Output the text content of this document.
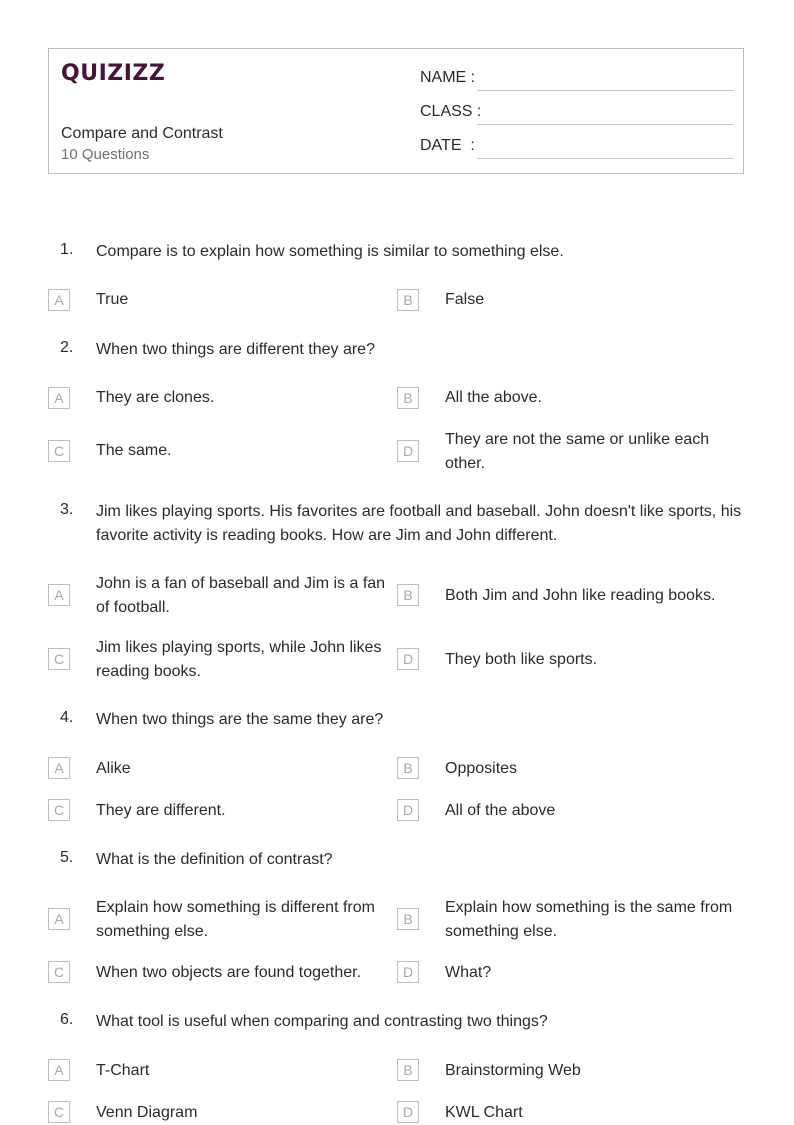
QUIZIZZ
Compare and Contrast
10 Questions
NAME :
CLASS :
DATE  :
1. Compare is to explain how something is similar to something else.
A	True	B	False
2. When two things are different they are?
A	They are clones.	B	All the above.
C	The same.	D
They are not the same or unlike each other.
3. Jim likes playing sports. His favorites are football and baseball. John doesn't like sports, his favorite activity is reading books. How are Jim and John different.
A
John is a fan of baseball and Jim is a fan of football.
B	Both Jim and John like reading books.
C
Jim likes playing sports, while John likes reading books.
D	They both like sports.
4. When two things are the same they are?
A	Alike	B	Opposites
C	They are different.	D	All of the above
5. What is the definition of contrast?
A
Explain how something is different from something else.
B
Explain how something is the same from something else.
C	When two objects are found together.	D	What?
6. What tool is useful when comparing and contrasting two things?
A	T-Chart	B	Brainstorming Web
C	Venn Diagram	D	KWL Chart
